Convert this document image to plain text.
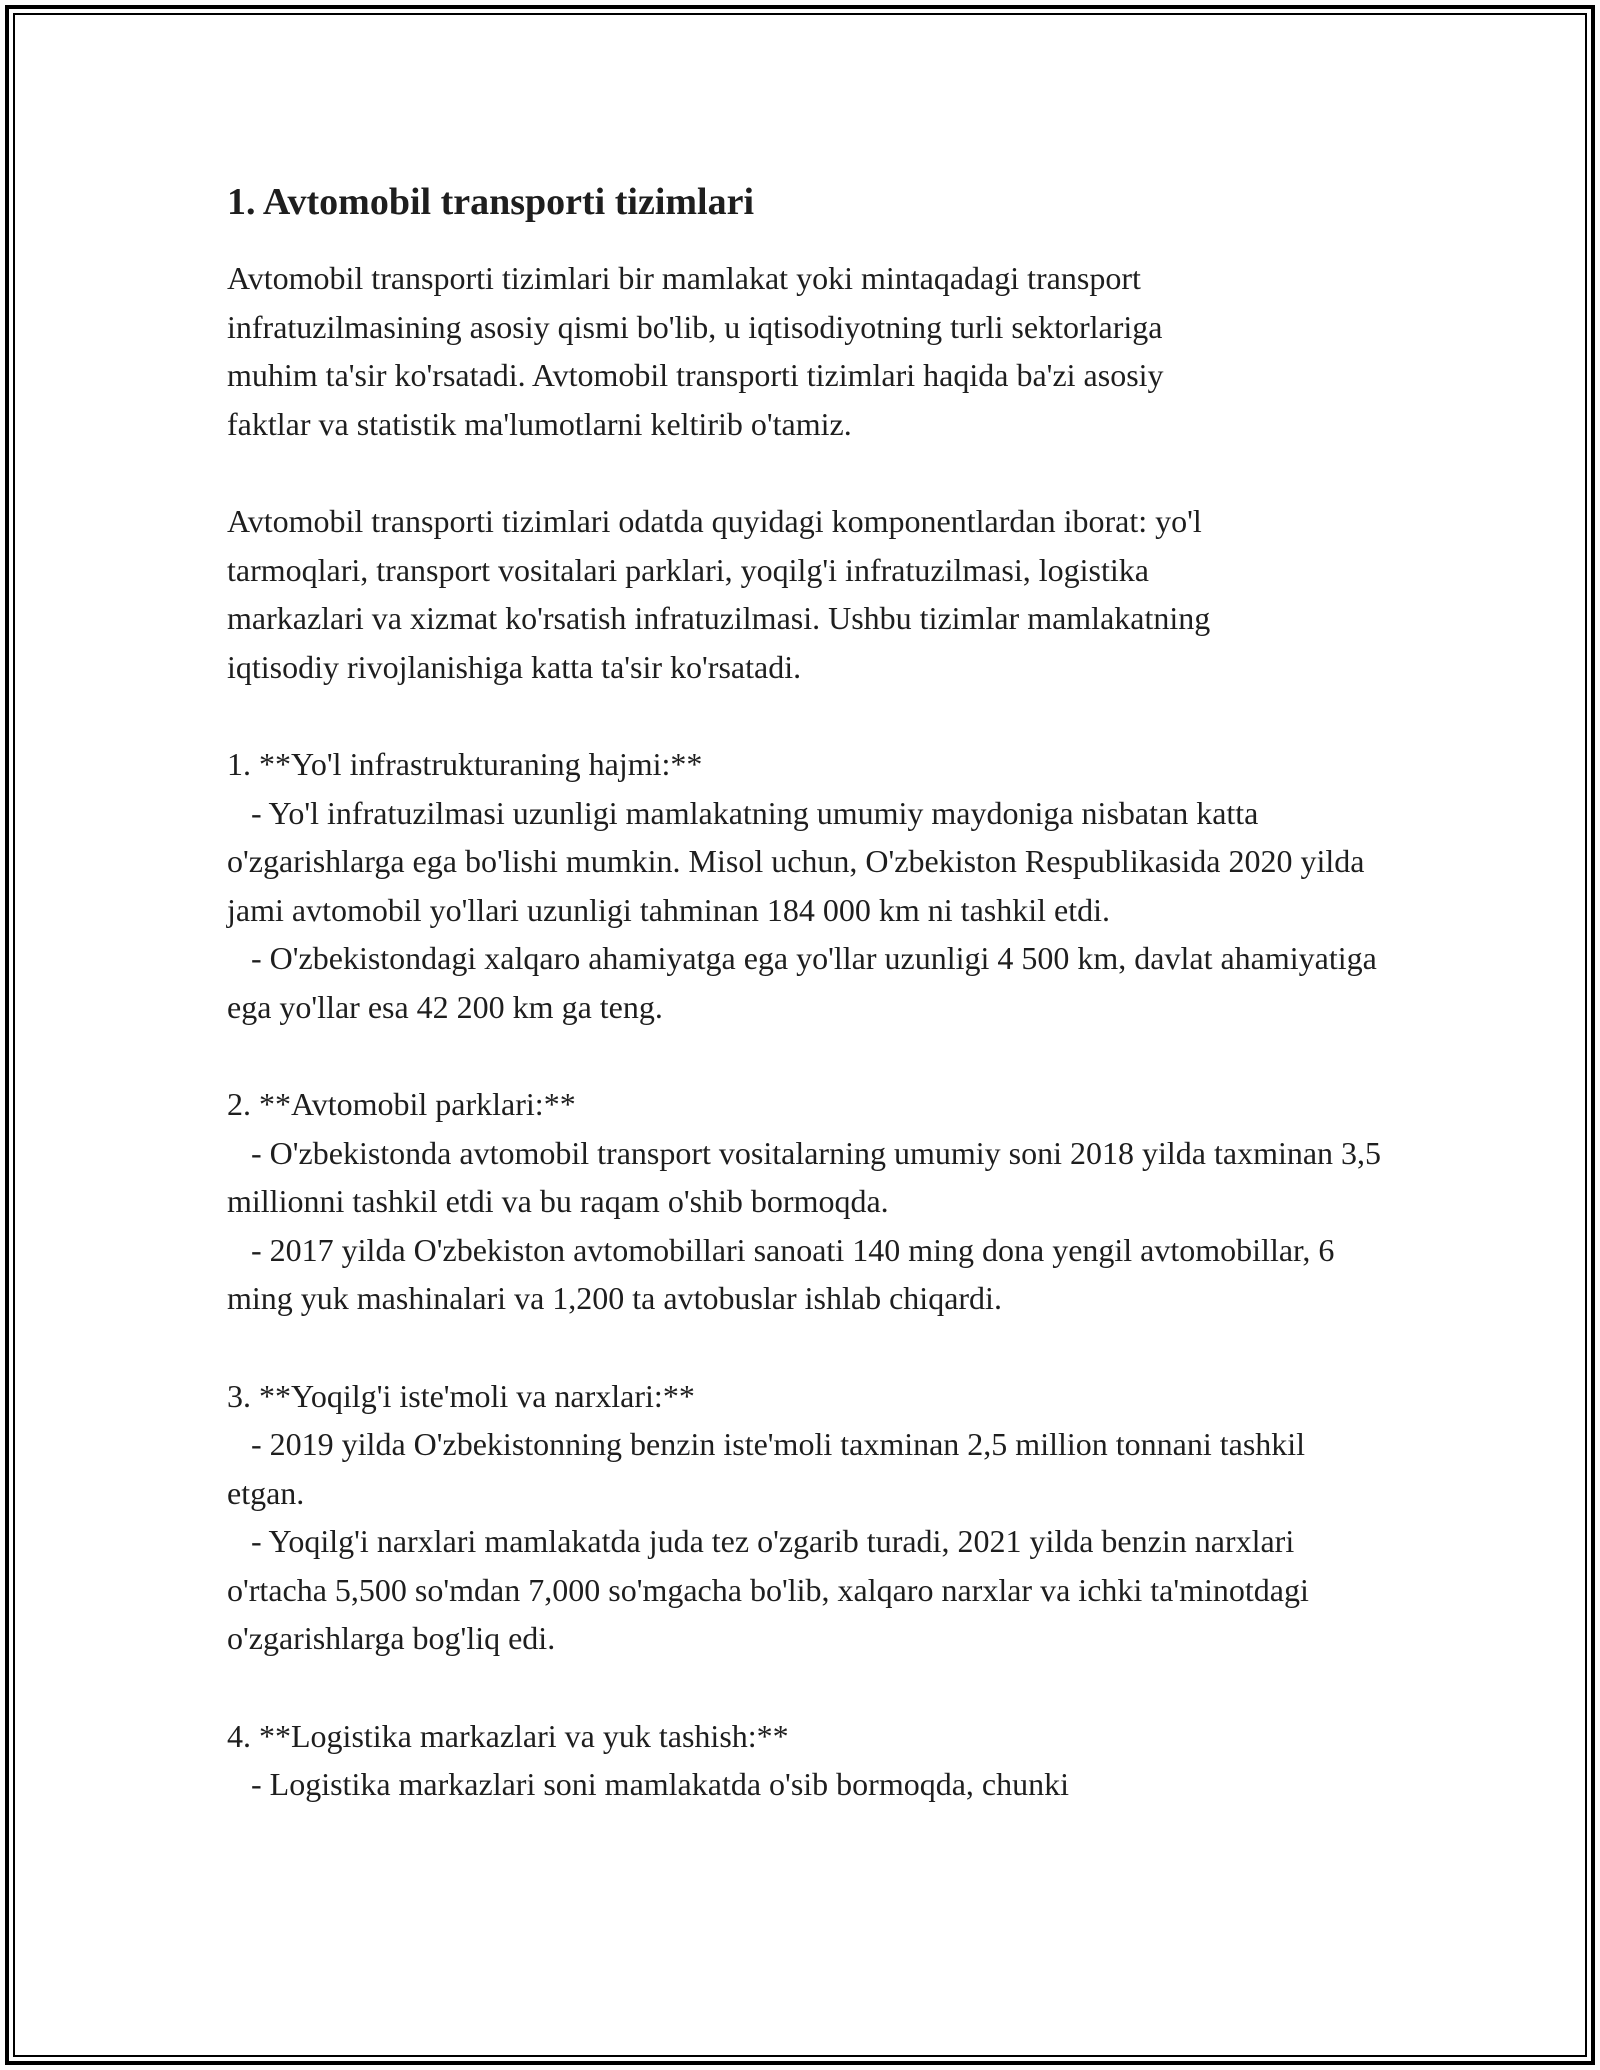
1. Avtomobil transporti tizimlari
Avtomobil transporti tizimlari bir mamlakat yoki mintaqadagi transport
infratuzilmasining asosiy qismi bo'lib, u iqtisodiyotning turli sektorlariga
muhim ta'sir ko'rsatadi. Avtomobil transporti tizimlari haqida ba'zi asosiy
faktlar va statistik ma'lumotlarni keltirib o'tamiz.
Avtomobil transporti tizimlari odatda quyidagi komponentlardan iborat: yo'l
tarmoqlari, transport vositalari parklari, yoqilg'i infratuzilmasi, logistika
markazlari va xizmat ko'rsatish infratuzilmasi. Ushbu tizimlar mamlakatning
iqtisodiy rivojlanishiga katta ta'sir ko'rsatadi.
1. **Yo'l infrastrukturaning hajmi:**
- Yo'l infratuzilmasi uzunligi mamlakatning umumiy maydoniga nisbatan katta o'zgarishlarga ega bo'lishi mumkin. Misol uchun, O'zbekiston Respublikasida 2020 yilda jami avtomobil yo'llari uzunligi tahminan 184 000 km ni tashkil etdi.
- O'zbekistondagi xalqaro ahamiyatga ega yo'llar uzunligi 4 500 km, davlat ahamiyatiga ega yo'llar esa 42 200 km ga teng.
2. **Avtomobil parklari:**
- O'zbekistonda avtomobil transport vositalarning umumiy soni 2018 yilda taxminan 3,5 millionni tashkil etdi va bu raqam o'shib bormoqda.
- 2017 yilda O'zbekiston avtomobillari sanoati 140 ming dona yengil avtomobillar, 6 ming yuk mashinalari va 1,200 ta avtobuslar ishlab chiqardi.
3. **Yoqilg'i iste'moli va narxlari:**
- 2019 yilda O'zbekistonning benzin iste'moli taxminan 2,5 million tonnani tashkil etgan.
- Yoqilg'i narxlari mamlakatda juda tez o'zgarib turadi, 2021 yilda benzin narxlari o'rtacha 5,500 so'mdan 7,000 so'mgacha bo'lib, xalqaro narxlar va ichki ta'minotdagi o'zgarishlarga bog'liq edi.
4. **Logistika markazlari va yuk tashish:**
- Logistika markazlari soni mamlakatda o'sib bormoqda, chunki
